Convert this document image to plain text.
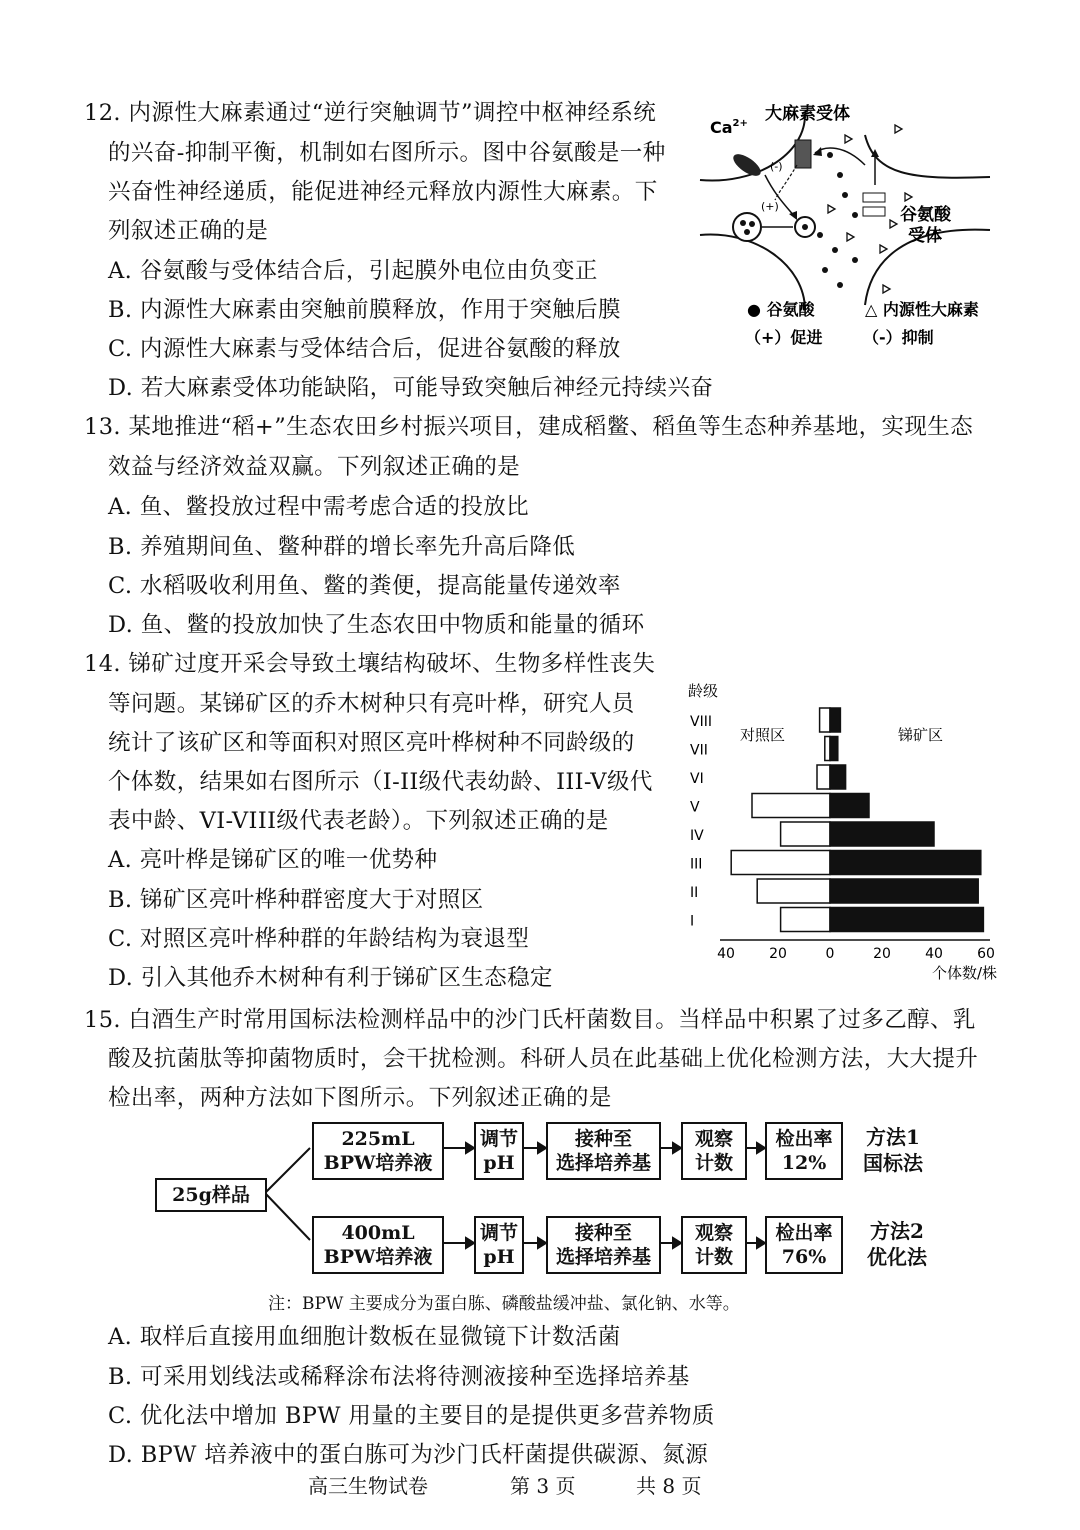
12. 内源性大麻素通过“逆行突触调节”调控中枢神经系统
的兴奋-抑制平衡，机制如右图所示。图中谷氨酸是一种
兴奋性神经递质，能促进神经元释放内源性大麻素。下
列叙述正确的是
A. 谷氨酸与受体结合后，引起膜外电位由负变正
B. 内源性大麻素由突触前膜释放，作用于突触后膜
C. 内源性大麻素与受体结合后，促进谷氨酸的释放
D. 若大麻素受体功能缺陷，可能导致突触后神经元持续兴奋
$Ca^{2+}$ 大麻素受体
(-)
(+)	谷氨酸
受体
● 谷氨酸	△ 内源性大麻素
（+）促进	（-）抑制
13. 某地推进“稻+”生态农田乡村振兴项目，建成稻鳖、稻鱼等生态种养基地，实现生态
效益与经济效益双赢。下列叙述正确的是
A. 鱼、鳖投放过程中需考虑合适的投放比
B. 养殖期间鱼、鳖种群的增长率先升高后降低
C. 水稻吸收利用鱼、鳖的粪便，提高能量传递效率
D. 鱼、鳖的投放加快了生态农田中物质和能量的循环
14. 锑矿过度开采会导致土壤结构破坏、生物多样性丧失
等问题。某锑矿区的乔木树种只有亮叶桦，研究人员
统计了该矿区和等面积对照区亮叶桦树种不同龄级的
个体数，结果如右图所示（I-II级代表幼龄、III-V级代
表中龄、VI-VIII级代表老龄）。下列叙述正确的是
A. 亮叶桦是锑矿区的唯一优势种
B. 锑矿区亮叶桦种群密度大于对照区
C. 对照区亮叶桦种群的年龄结构为衰退型
D. 引入其他乔木树种有利于锑矿区生态稳定
龄级
对照区	锑矿区
个体数/株
I
II
III
IV
V
VI
VII
VIII
40 20	0	20 40 60
15. 白酒生产时常用国标法检测样品中的沙门氏杆菌数目。当样品中积累了过多乙醇、乳
酸及抗菌肽等抑菌物质时，会干扰检测。科研人员在此基础上优化检测方法，大大提升
检出率，两种方法如下图所示。下列叙述正确的是
25g样品
225mL
BPW培养液
调节
pH
接种至
选择培养基
观察
计数
检出率
12%
方法1
国标法
400mL
BPW培养液
调节
pH
接种至
选择培养基
观察
计数
检出率
76%
方法2
优化法
注：BPW 主要成分为蛋白胨、磷酸盐缓冲盐、氯化钠、水等。
A. 取样后直接用血细胞计数板在显微镜下计数活菌
B. 可采用划线法或稀释涂布法将待测液接种至选择培养基
C. 优化法中增加 BPW 用量的主要目的是提供更多营养物质
D. BPW 培养液中的蛋白胨可为沙门氏杆菌提供碳源、氮源
高三生物试卷	第 3 页	共 8 页
